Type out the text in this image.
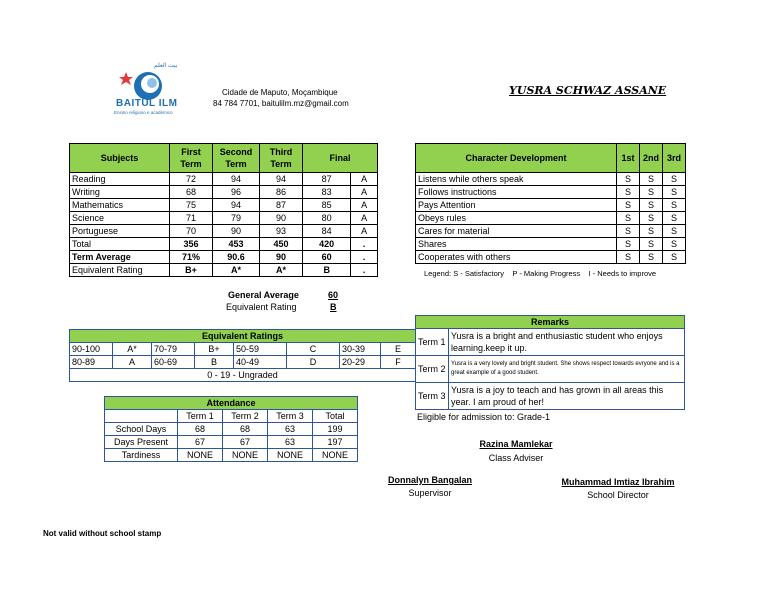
بيت العلم
BAITUL ILM
Ensino religioso e académico
Cidade de Maputo, Moçambique
84 784 7701, baitulilm.mz@gmail.com
YUSRA SCHWAZ ASSANE
Subjects	First Term	Second Term	Third Term	Final	
Reading	72	94	94	87	A
Writing	68	96	86	83	A
Mathematics	75	94	87	85	A
Science	71	79	90	80	A
Portuguese	70	90	93	84	A
Total	356	453	450	420	.
Term Average	71%	90.6	90	60	.
Equivalent Rating	B+	A*	A*	B	.
Character Development	1st	2nd	3rd
Listens while others speak	S	S	S
Follows instructions	S	S	S
Pays Attention	S	S	S
Obeys rules	S	S	S
Cares for material	S	S	S
Shares	S	S	S
Cooperates with others	S	S	S
Legend: S - Satisfactory    P - Making Progress    I - Needs to improve
General Average	60
Equivalent Rating	B
Equivalent Ratings							
90-100	A*	70-79	B+	50-59	C	30-39	E
80-89	A	60-69	B	40-49	D	20-29	F
0 - 19 - Ungraded							
Attendance				
	Term 1	Term 2	Term 3	Total
School Days	68	68	63	199
Days Present	67	67	63	197
Tardiness	NONE	NONE	NONE	NONE
Remarks	
Term 1	Yusra is a bright and enthusiastic student who enjoys learning.keep it up.
Term 2	Yusra is a very lovely and bright student. She shows respect towards evryone and is a great example of a good student.
Term 3	Yusra is a joy to teach and has grown in all areas this year. I am proud of her!
Eligible for admission to: Grade-1
Razina Mamlekar
Class Adviser
Donnalyn Bangalan
Supervisor
Muhammad Imtiaz Ibrahim
School Director
Not valid without school stamp
